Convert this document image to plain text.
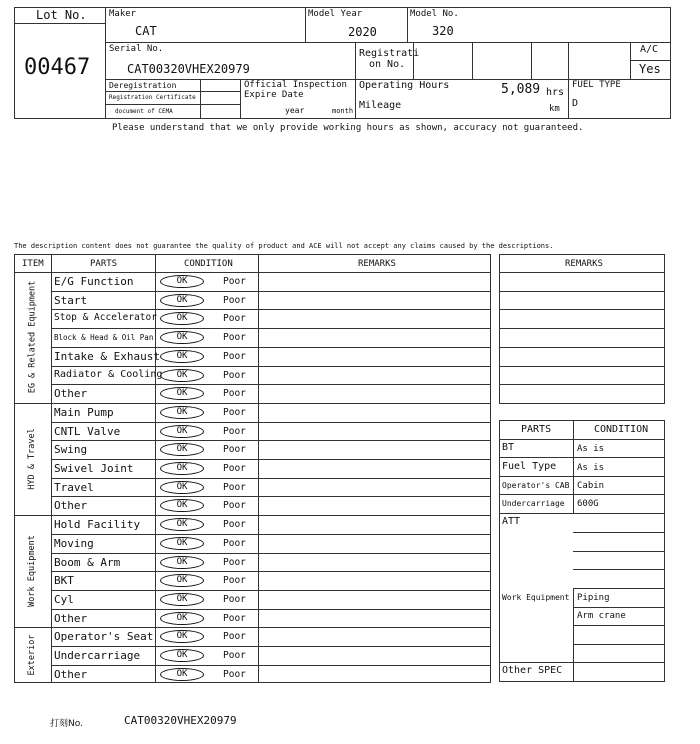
Lot No.
00467
Maker
CAT
Model Year
2020
Model No.
320
Serial No.
CAT00320VHEX20979
Registrati
on No.
A/C
Yes
Deregistration
Registration Certificate
document of CEMA
Official Inspection
Expire Date
year	month
Operating Hours	5,089 hrs
Mileage	km
FUEL TYPE
D
Please understand that we only provide working hours as shown, accuracy not guaranteed.
The description content does not guarantee the quality of product and ACE will not accept any claims caused by the descriptions.
ITEM	PARTS	CONDITION	REMARKS
E/G Function	OK	Poor
Start	OK	Poor
Stop & Accelerator	OK	Poor
Block & Head & Oil Pan	OK	Poor
Intake & Exhaust	OK	Poor
Radiator & Cooling	OK	Poor
Other	OK	Poor
EG & Related Equipment
Main Pump	OK	Poor
CNTL Valve	OK	Poor
Swing	OK	Poor
Swivel Joint	OK	Poor
Travel	OK	Poor
Other	OK	Poor
HYD & Travel
Hold Facility	OK	Poor
Moving	OK	Poor
Boom & Arm	OK	Poor
BKT	OK	Poor
Cyl	OK	Poor
Other	OK	Poor
Work Equipment
Operator's Seat	OK	Poor
Undercarriage	OK	Poor
Other	OK	Poor
Exterior
REMARKS
PARTS	CONDITION
BT	As is
Fuel Type As is
Operator's CAB Cabin
Undercarriage 600G
ATT
Work Equipment Piping
Arm crane
Other SPEC
打刻No.	CAT00320VHEX20979
